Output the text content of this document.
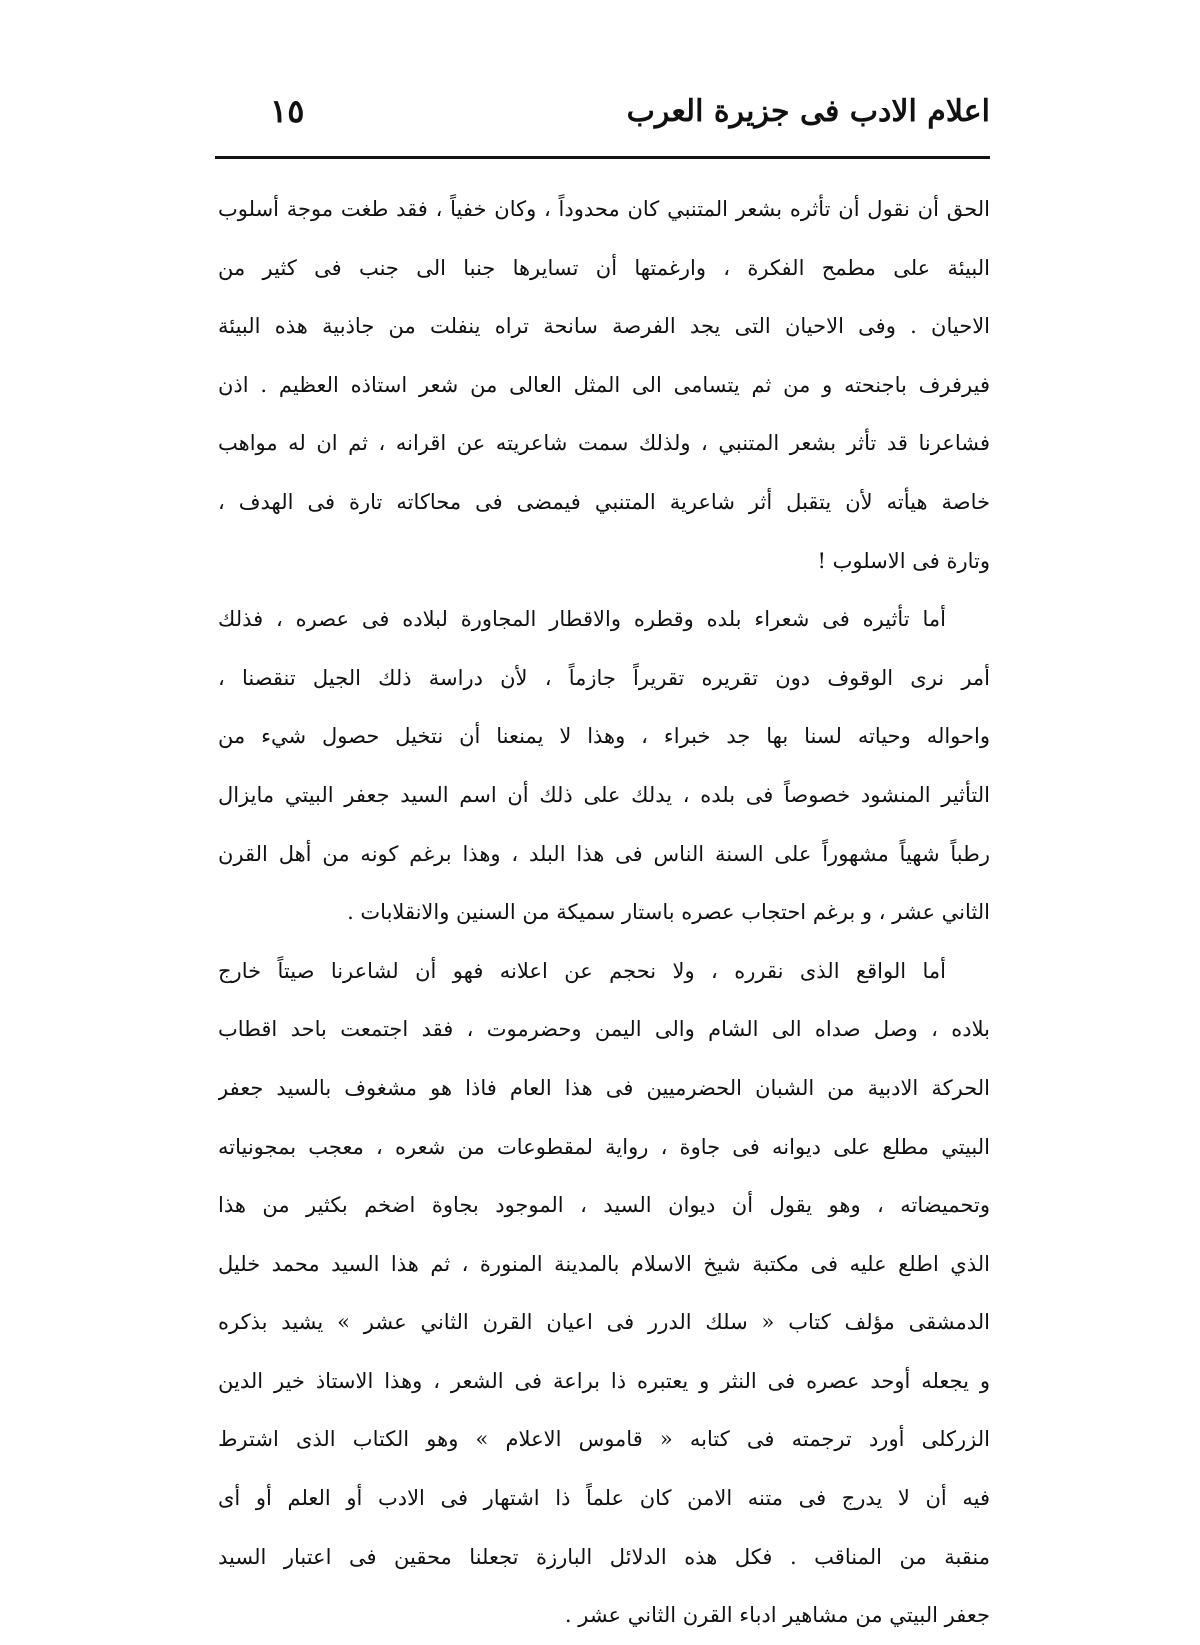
اعلام الادب فى جزيرة العرب
١٥
الحق أن نقول أن تأثره بشعر المتنبي كان محدوداً ، وكان خفياً ، فقد طغت موجة أسلوب
البيئة على مطمح الفكرة ، وارغمتها أن تسايرها جنبا الى جنب فى كثير من
الاحيان . وفى الاحيان التى يجد الفرصة سانحة تراه ينفلت من جاذبية هذه البيئة
فيرفرف باجنحته و من ثم يتسامى الى المثل العالى من شعر استاذه العظيم . اذن
فشاعرنا قد تأثر بشعر المتنبي ، ولذلك سمت شاعريته عن اقرانه ، ثم ان له مواهب
خاصة هيأته لأن يتقبل أثر شاعرية المتنبي فيمضى فى محاكاته تارة فى الهدف ،
وتارة فى الاسلوب !
أما تأثيره فى شعراء بلده وقطره والاقطار المجاورة لبلاده فى عصره ، فذلك
أمر نرى الوقوف دون تقريره تقريراً جازماً ، لأن دراسة ذلك الجيل تنقصنا ،
واحواله وحياته لسنا بها جد خبراء ، وهذا لا يمنعنا أن نتخيل حصول شيء من
التأثير المنشود خصوصاً فى بلده ، يدلك على ذلك أن اسم السيد جعفر البيتي مايزال
رطباً شهياً مشهوراً على السنة الناس فى هذا البلد ، وهذا برغم كونه من أهل القرن
الثاني عشر ، و برغم احتجاب عصره باستار سميكة من السنين والانقلابات .
أما الواقع الذى نقرره ، ولا نحجم عن اعلانه فهو أن لشاعرنا صيتاً خارج
بلاده ، وصل صداه الى الشام والى اليمن وحضرموت ، فقد اجتمعت باحد اقطاب
الحركة الادبية من الشبان الحضرميين فى هذا العام فاذا هو مشغوف بالسيد جعفر
البيتي مطلع على ديوانه فى جاوة ، رواية لمقطوعات من شعره ، معجب بمجونياته
وتحميضاته ، وهو يقول أن ديوان السيد ، الموجود بجاوة اضخم بكثير من هذا
الذي اطلع عليه فى مكتبة شيخ الاسلام بالمدينة المنورة ، ثم هذا السيد محمد خليل
الدمشقى مؤلف كتاب « سلك الدرر فى اعيان القرن الثاني عشر » يشيد بذكره
و يجعله أوحد عصره فى النثر و يعتبره ذا براعة فى الشعر ، وهذا الاستاذ خير الدين
الزركلى أورد ترجمته فى كتابه « قاموس الاعلام » وهو الكتاب الذى اشترط
فيه أن لا يدرج فى متنه الامن كان علماً ذا اشتهار فى الادب أو العلم أو أى
منقبة من المناقب . فكل هذه الدلائل البارزة تجعلنا محقين فى اعتبار السيد
جعفر البيتي من مشاهير ادباء القرن الثاني عشر .
